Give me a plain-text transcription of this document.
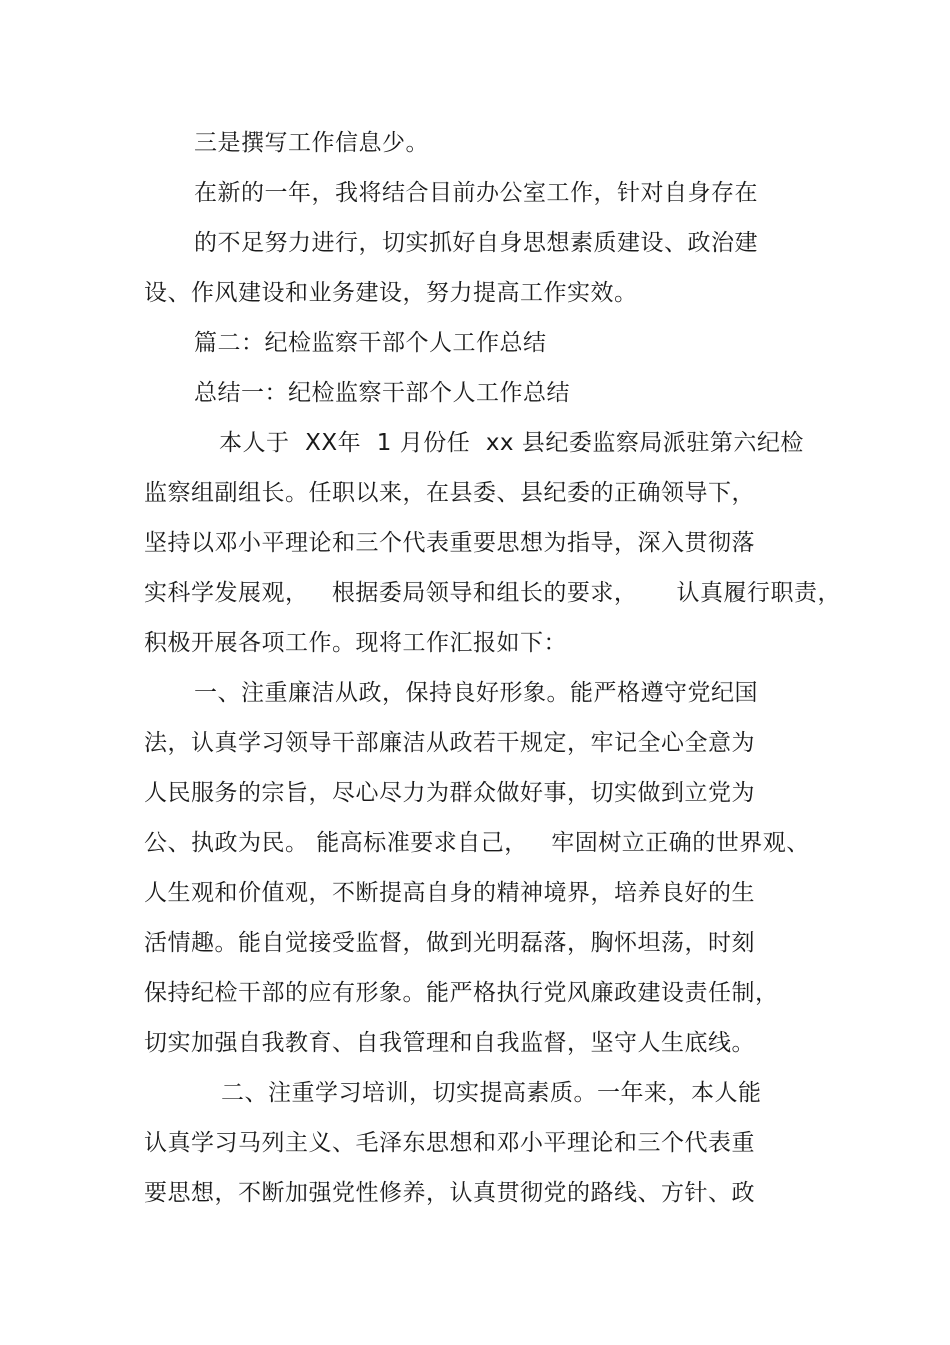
三是撰写工作信息少。
在新的一年，我将结合目前办公室工作，针对自身存在
的不足努力进行，切实抓好自身思想素质建设、政治建
设、作风建设和业务建设，努力提高工作实效。
篇二：纪检监察干部个人工作总结
总结一：纪检监察干部个人工作总结
本人于  XX年  1 月份任  xx 县纪委监察局派驻第六纪检
监察组副组长。任职以来，在县委、县纪委的正确领导下，
坚持以邓小平理论和三个代表重要思想为指导，深入贯彻落
实科学发展观，   根据委局领导和组长的要求，     认真履行职责，
积极开展各项工作。现将工作汇报如下：
一、注重廉洁从政，保持良好形象。能严格遵守党纪国
法，认真学习领导干部廉洁从政若干规定，牢记全心全意为
人民服务的宗旨，尽心尽力为群众做好事，切实做到立党为
公、执政为民。 能高标准要求自己，   牢固树立正确的世界观、
人生观和价值观，不断提高自身的精神境界，培养良好的生
活情趣。能自觉接受监督，做到光明磊落，胸怀坦荡，时刻
保持纪检干部的应有形象。能严格执行党风廉政建设责任制，
切实加强自我教育、自我管理和自我监督，坚守人生底线。
二、注重学习培训，切实提高素质。一年来，本人能
认真学习马列主义、毛泽东思想和邓小平理论和三个代表重
要思想，不断加强党性修养，认真贯彻党的路线、方针、政
